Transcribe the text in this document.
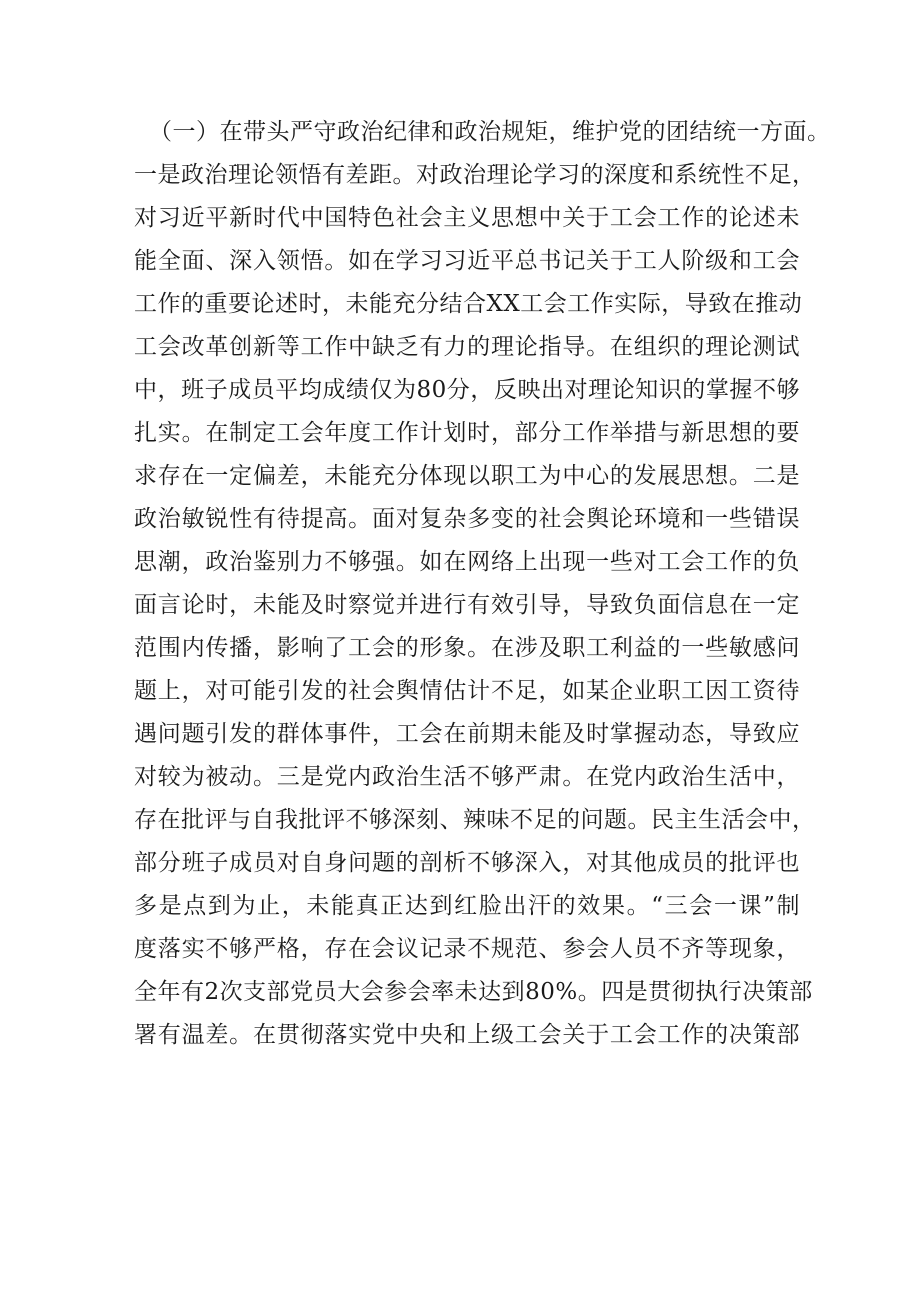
（一）在带头严守政治纪律和政治规矩，维护党的团结统一方面。
一是政治理论领悟有差距。对政治理论学习的深度和系统性不足，
对习近平新时代中国特色社会主义思想中关于工会工作的论述未
能全面、深入领悟。如在学习习近平总书记关于工人阶级和工会
工作的重要论述时，未能充分结合XX工会工作实际，导致在推动
工会改革创新等工作中缺乏有力的理论指导。在组织的理论测试
中，班子成员平均成绩仅为80分，反映出对理论知识的掌握不够
扎实。在制定工会年度工作计划时，部分工作举措与新思想的要
求存在一定偏差，未能充分体现以职工为中心的发展思想。二是
政治敏锐性有待提高。面对复杂多变的社会舆论环境和一些错误
思潮，政治鉴别力不够强。如在网络上出现一些对工会工作的负
面言论时，未能及时察觉并进行有效引导，导致负面信息在一定
范围内传播，影响了工会的形象。在涉及职工利益的一些敏感问
题上，对可能引发的社会舆情估计不足，如某企业职工因工资待
遇问题引发的群体事件，工会在前期未能及时掌握动态，导致应
对较为被动。三是党内政治生活不够严肃。在党内政治生活中，
存在批评与自我批评不够深刻、辣味不足的问题。民主生活会中，
部分班子成员对自身问题的剖析不够深入，对其他成员的批评也
多是点到为止，未能真正达到红脸出汗的效果。“三会一课”制
度落实不够严格，存在会议记录不规范、参会人员不齐等现象，
全年有2次支部党员大会参会率未达到80%。四是贯彻执行决策部
署有温差。在贯彻落实党中央和上级工会关于工会工作的决策部
